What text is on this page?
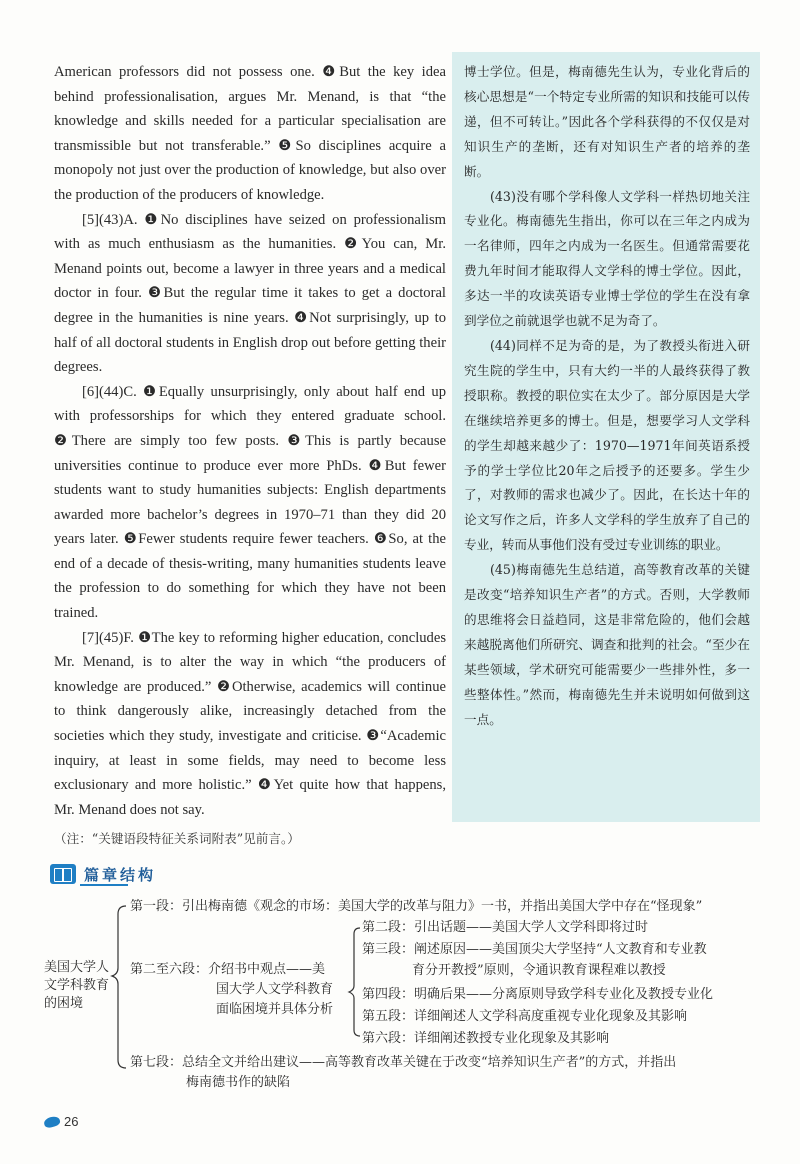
American professors did not possess one. ❹But the key idea behind professionalisation, argues Mr. Menand, is that “the knowledge and skills needed for a particular specialisation are transmissible but not transferable.” ❺So disciplines acquire a monopoly not just over the production of knowledge, but also over the production of the producers of knowledge.

[5](43)A. ❶No disciplines have seized on professionalism with as much enthusiasm as the humanities. ❷You can, Mr. Menand points out, become a lawyer in three years and a medical doctor in four. ❸But the regular time it takes to get a doctoral degree in the humanities is nine years. ❹Not surprisingly, up to half of all doctoral students in English drop out before getting their degrees.

[6](44)C. ❶Equally unsurprisingly, only about half end up with professorships for which they entered graduate school. ❷There are simply too few posts. ❸This is partly because universities continue to produce ever more PhDs. ❹But fewer students want to study humanities subjects: English departments awarded more bachelor’s degrees in 1970–71 than they did 20 years later. ❺Fewer students require fewer teachers. ❻So, at the end of a decade of thesis-writing, many humanities students leave the profession to do something for which they have not been trained.

[7](45)F. ❶The key to reforming higher education, concludes Mr. Menand, is to alter the way in which “the producers of knowledge are produced.” ❷Otherwise, academics will continue to think dangerously alike, increasingly detached from the societies which they study, investigate and criticise. ❸“Academic inquiry, at least in some fields, may need to become less exclusionary and more holistic.” ❹Yet quite how that happens, Mr. Menand does not say.

博士学位。但是，梅南德先生认为，专业化背后的核心思想是“一个特定专业所需的知识和技能可以传递，但不可转让。”因此各个学科获得的不仅仅是对知识生产的垄断，还有对知识生产者的培养的垄断。

(43)没有哪个学科像人文学科一样热切地关注专业化。梅南德先生指出，你可以在三年之内成为一名律师，四年之内成为一名医生。但通常需要花费九年时间才能取得人文学科的博士学位。因此，多达一半的攻读英语专业博士学位的学生在没有拿到学位之前就退学也就不足为奇了。

(44)同样不足为奇的是，为了教授头衔进入研究生院的学生中，只有大约一半的人最终获得了教授职称。教授的职位实在太少了。部分原因是大学在继续培养更多的博士。但是，想要学习人文学科的学生却越来越少了：1970—1971年间英语系授予的学士学位比20年之后授予的还要多。学生少了，对教师的需求也减少了。因此，在长达十年的论文写作之后，许多人文学科的学生放弃了自己的专业，转而从事他们没有受过专业训练的职业。

(45)梅南德先生总结道，高等教育改革的关键是改变“培养知识生产者”的方式。否则，大学教师的思维将会日益趋同，这是非常危险的，他们会越来越脱离他们所研究、调查和批判的社会。“至少在某些领域，学术研究可能需要少一些排外性，多一些整体性。”然而，梅南德先生并未说明如何做到这一点。

（注：“关键语段特征关系词附表”见前言。）
篇章结构
美国大学人
文学科教育
的困境
第一段：引出梅南德《观念的市场：美国大学的改革与阻力》一书，并指出美国大学中存在“怪现象”
第二至六段：介绍书中观点——美
国大学人文学科教育
面临困境并具体分析
第二段：引出话题——美国大学人文学科即将过时
第三段：阐述原因——美国顶尖大学坚持“人文教育和专业教
育分开教授”原则，令通识教育课程难以教授
第四段：明确后果——分离原则导致学科专业化及教授专业化
第五段：详细阐述人文学科高度重视专业化现象及其影响
第六段：详细阐述教授专业化现象及其影响
第七段：总结全文并给出建议——高等教育改革关键在于改变“培养知识生产者”的方式，并指出
梅南德书作的缺陷
26
